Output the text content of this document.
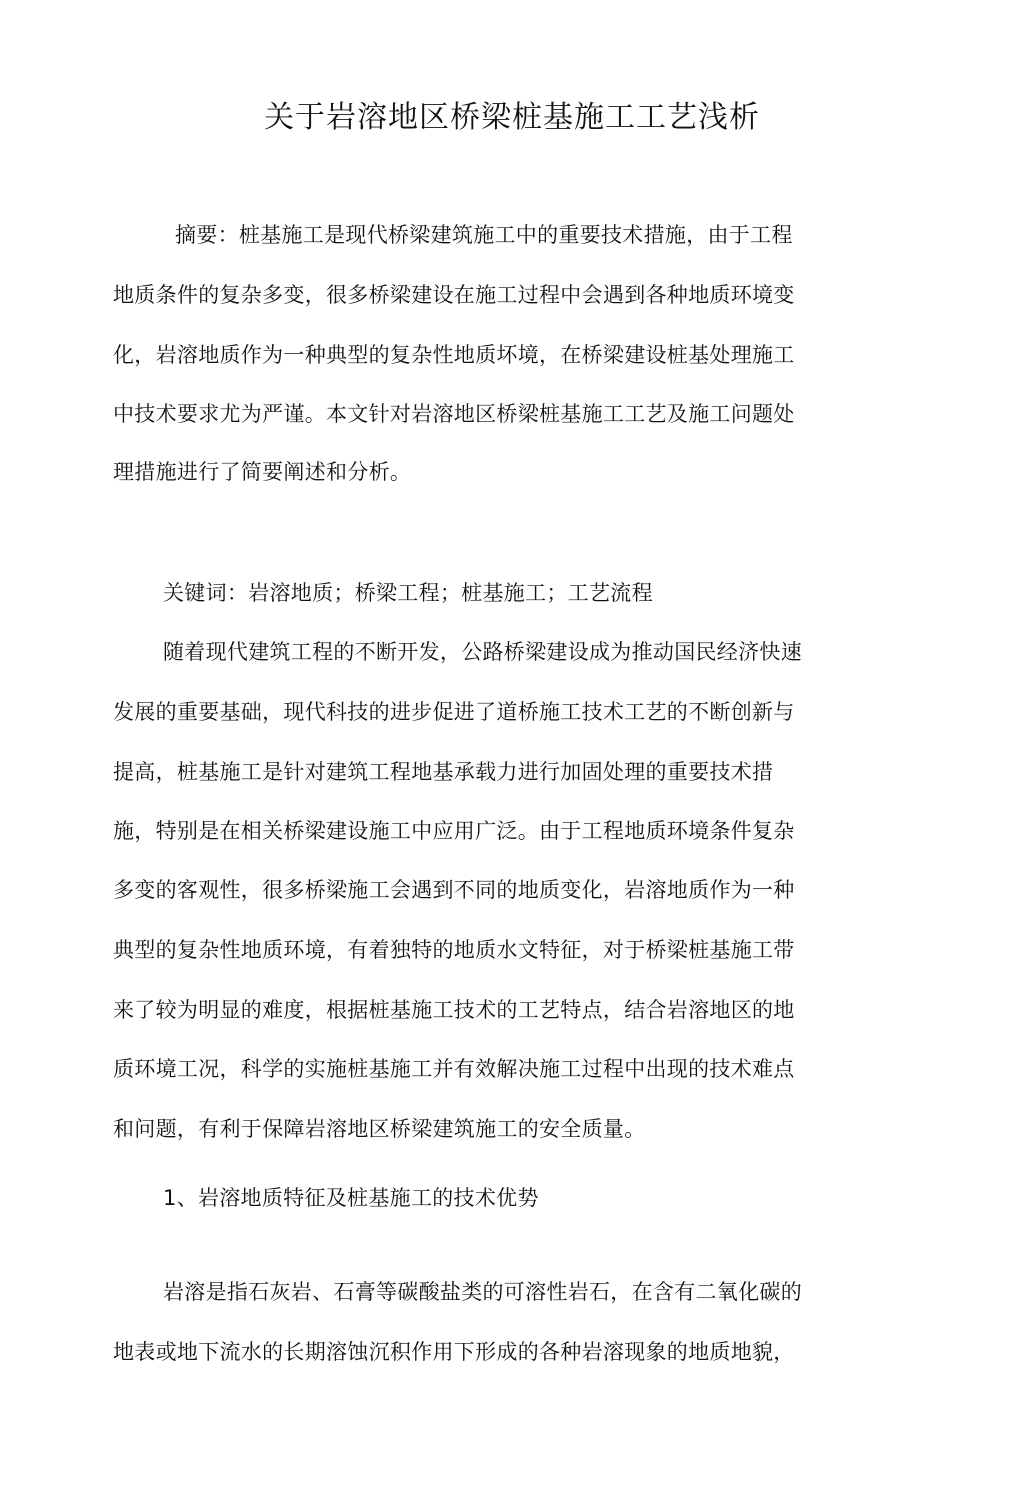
关于岩溶地区桥梁桩基施工工艺浅析
摘要：桩基施工是现代桥梁建筑施工中的重要技术措施，由于工程
地质条件的复杂多变，很多桥梁建设在施工过程中会遇到各种地质环境变
化，岩溶地质作为一种典型的复杂性地质坏境，在桥梁建设桩基处理施工
中技术要求尤为严谨。本文针对岩溶地区桥梁桩基施工工艺及施工问题处
理措施进行了简要阐述和分析。
关键词：岩溶地质；桥梁工程；桩基施工；工艺流程
随着现代建筑工程的不断开发，公路桥梁建设成为推动国民经济快速
发展的重要基础，现代科技的进步促进了道桥施工技术工艺的不断创新与
提高，桩基施工是针对建筑工程地基承载力进行加固处理的重要技术措
施，特别是在相关桥梁建设施工中应用广泛。由于工程地质环境条件复杂
多变的客观性，很多桥梁施工会遇到不同的地质变化，岩溶地质作为一种
典型的复杂性地质环境，有着独特的地质水文特征，对于桥梁桩基施工带
来了较为明显的难度，根据桩基施工技术的工艺特点，结合岩溶地区的地
质环境工况，科学的实施桩基施工并有效解决施工过程中出现的技术难点
和问题，有利于保障岩溶地区桥梁建筑施工的安全质量。
1、岩溶地质特征及桩基施工的技术优势
岩溶是指石灰岩、石膏等碳酸盐类的可溶性岩石，在含有二氧化碳的
地表或地下流水的长期溶蚀沉积作用下形成的各种岩溶现象的地质地貌，
